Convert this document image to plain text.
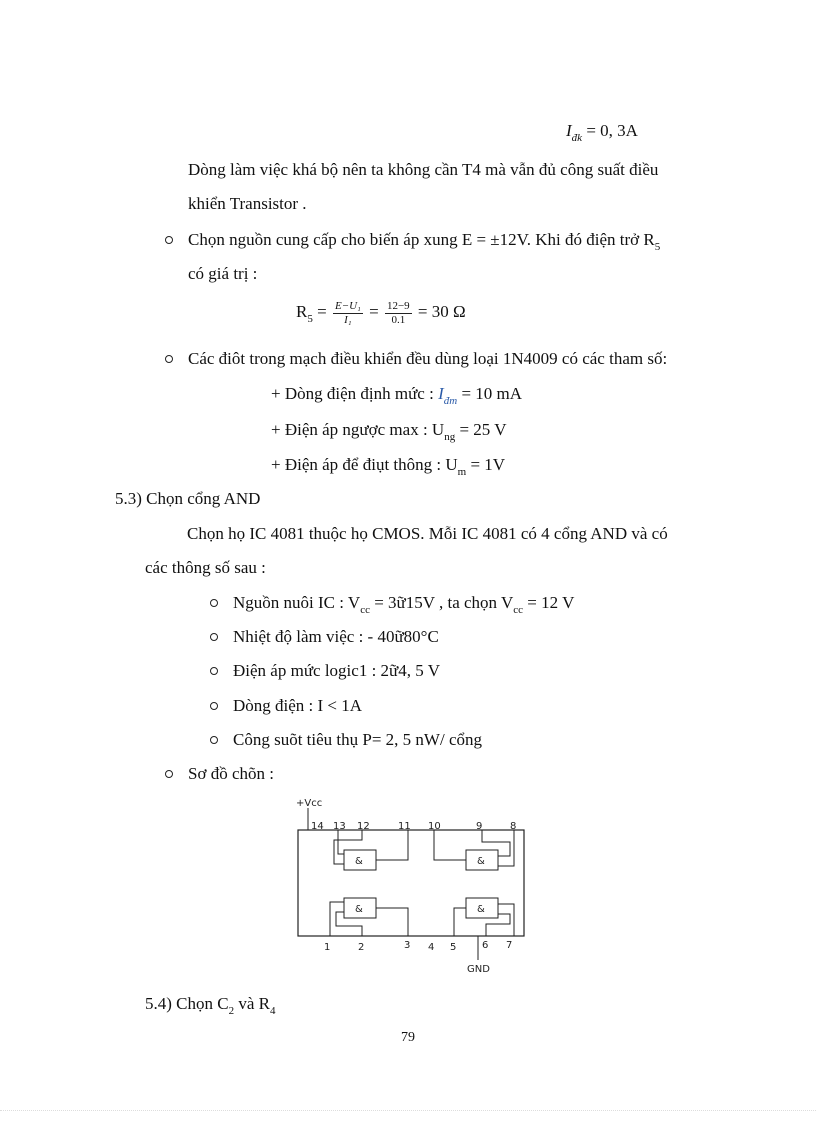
$I_{đk} = 0$, 3A
Dòng làm việc khá bộ nên ta không cần T4 mà vẫn đủ công suất điều
khiển Transistor .
Chọn nguồn cung cấp cho biến áp xung E = ±12V. Khi đó điện trở $R_5$
có giá trị :
$R_5 = \frac{\text{E−U₁}}{\text{I₁}} = \frac{12-9}{0.1} = 30$ Ω
Các điôt trong mạch điều khiển đều dùng loại 1N4009 có các tham số:
+ Dòng điện định mức : $I_{đm} = 10$ mA
+ Điện áp ngược max : $U_{ng} = 25$ V
+ Điện áp để điụt thông : $U_m = 1V$
5.3) Chọn cổng AND
Chọn họ IC 4081 thuộc họ CMOS. Mỗi IC 4081 có 4 cổng AND và có
các thông số sau :
Nguồn nuôi IC : $V_{cc}$ = 3ữ15V , ta chọn $V_{cc} = 12$ V
Nhiệt độ làm việc : - 40ữ80°C
Điện áp mức logic1 : 2ữ4, 5 V
Dòng điện : I < 1A
Công suõt tiêu thụ P= 2, 5 nW/ cổng
Sơ đồ chõn :
+Vcc
14 13 12	11 10	9	8
&	&
&	&
1	2	3 4 5	6 7
GND
5.4) Chọn $C_2$ và $R_4$
79
